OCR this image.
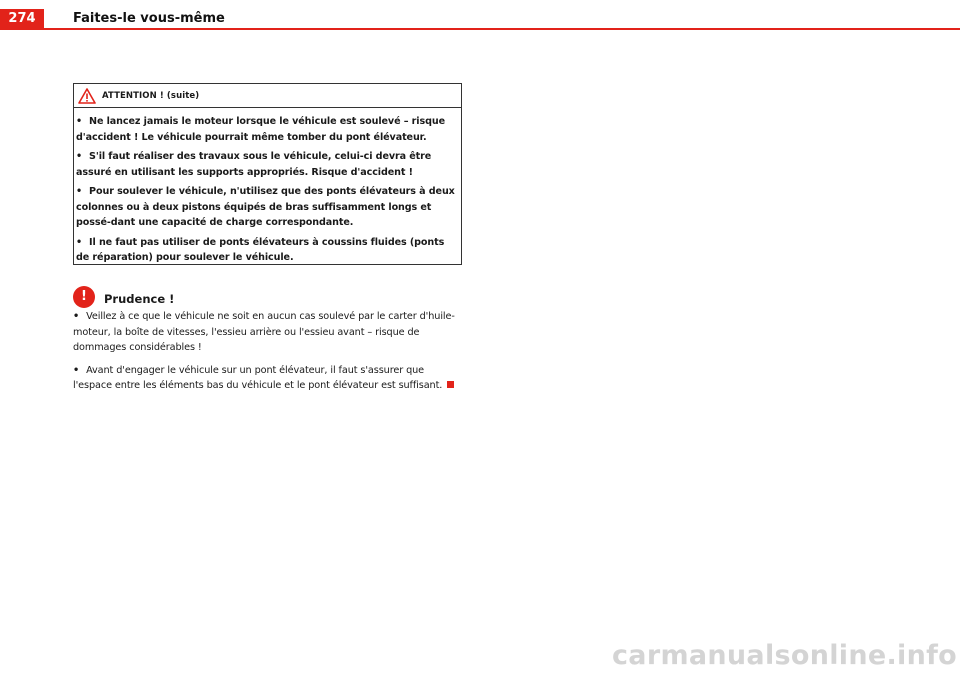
274	Faites-le vous-même
ATTENTION ! (suite)

• Ne lancez jamais le moteur lorsque le véhicule est soulevé – risque d'accident ! Le véhicule pourrait même tomber du pont élévateur.

• S'il faut réaliser des travaux sous le véhicule, celui-ci devra être assuré en utilisant les supports appropriés. Risque d'accident !

• Pour soulever le véhicule, n'utilisez que des ponts élévateurs à deux colonnes ou à deux pistons équipés de bras suffisamment longs et possé-dant une capacité de charge correspondante.

• Il ne faut pas utiliser de ponts élévateurs à coussins fluides (ponts de réparation) pour soulever le véhicule.

!	Prudence !

• Veillez à ce que le véhicule ne soit en aucun cas soulevé par le carter d'huile-moteur, la boîte de vitesses, l'essieu arrière ou l'essieu avant – risque de dommages considérables !

• Avant d'engager le véhicule sur un pont élévateur, il faut s'assurer que l'espace entre les éléments bas du véhicule et le pont élévateur est suffisant.

carmanualsonline.info
